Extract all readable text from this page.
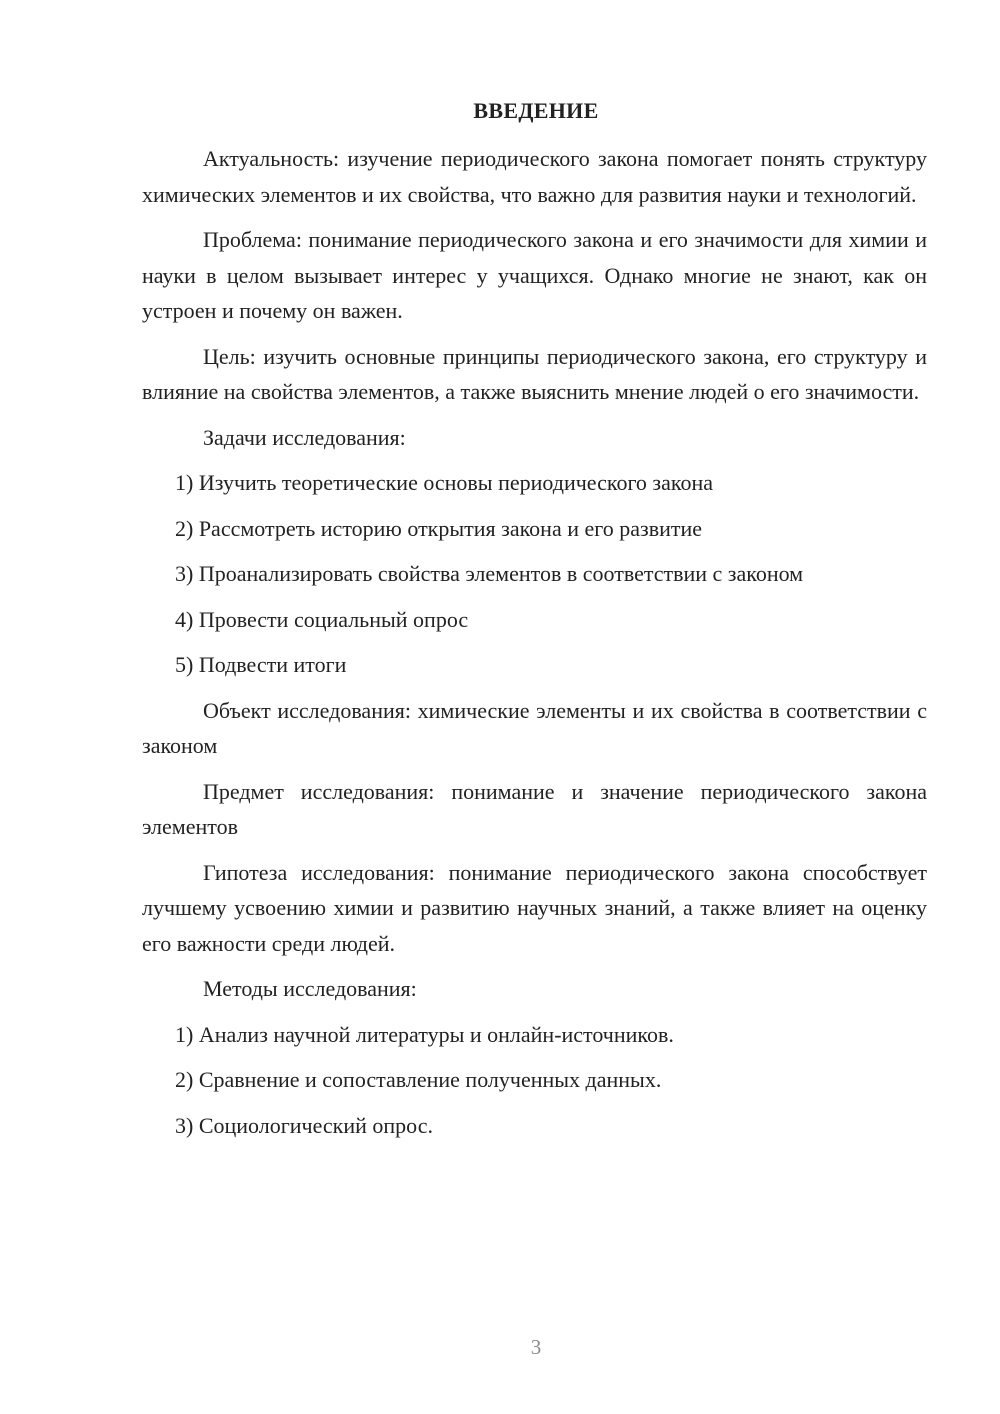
ВВЕДЕНИЕ

Актуальность: изучение периодического закона помогает понять структуру химических элементов и их свойства, что важно для развития науки и технологий.

Проблема: понимание периодического закона и его значимости для химии и науки в целом вызывает интерес у учащихся. Однако многие не знают, как он устроен и почему он важен.

Цель: изучить основные принципы периодического закона, его структуру и влияние на свойства элементов, а также выяснить мнение людей о его значимости.

Задачи исследования:

1) Изучить теоретические основы периодического закона

2) Рассмотреть историю открытия закона и его развитие

3) Проанализировать свойства элементов в соответствии с законом

4) Провести социальный опрос

5) Подвести итоги

Объект исследования: химические элементы и их свойства в соответствии с законом

Предмет исследования: понимание и значение периодического закона элементов

Гипотеза исследования: понимание периодического закона способствует лучшему усвоению химии и развитию научных знаний, а также влияет на оценку его важности среди людей.

Методы исследования:

1) Анализ научной литературы и онлайн-источников.

2) Сравнение и сопоставление полученных данных.

3) Социологический опрос.

3
